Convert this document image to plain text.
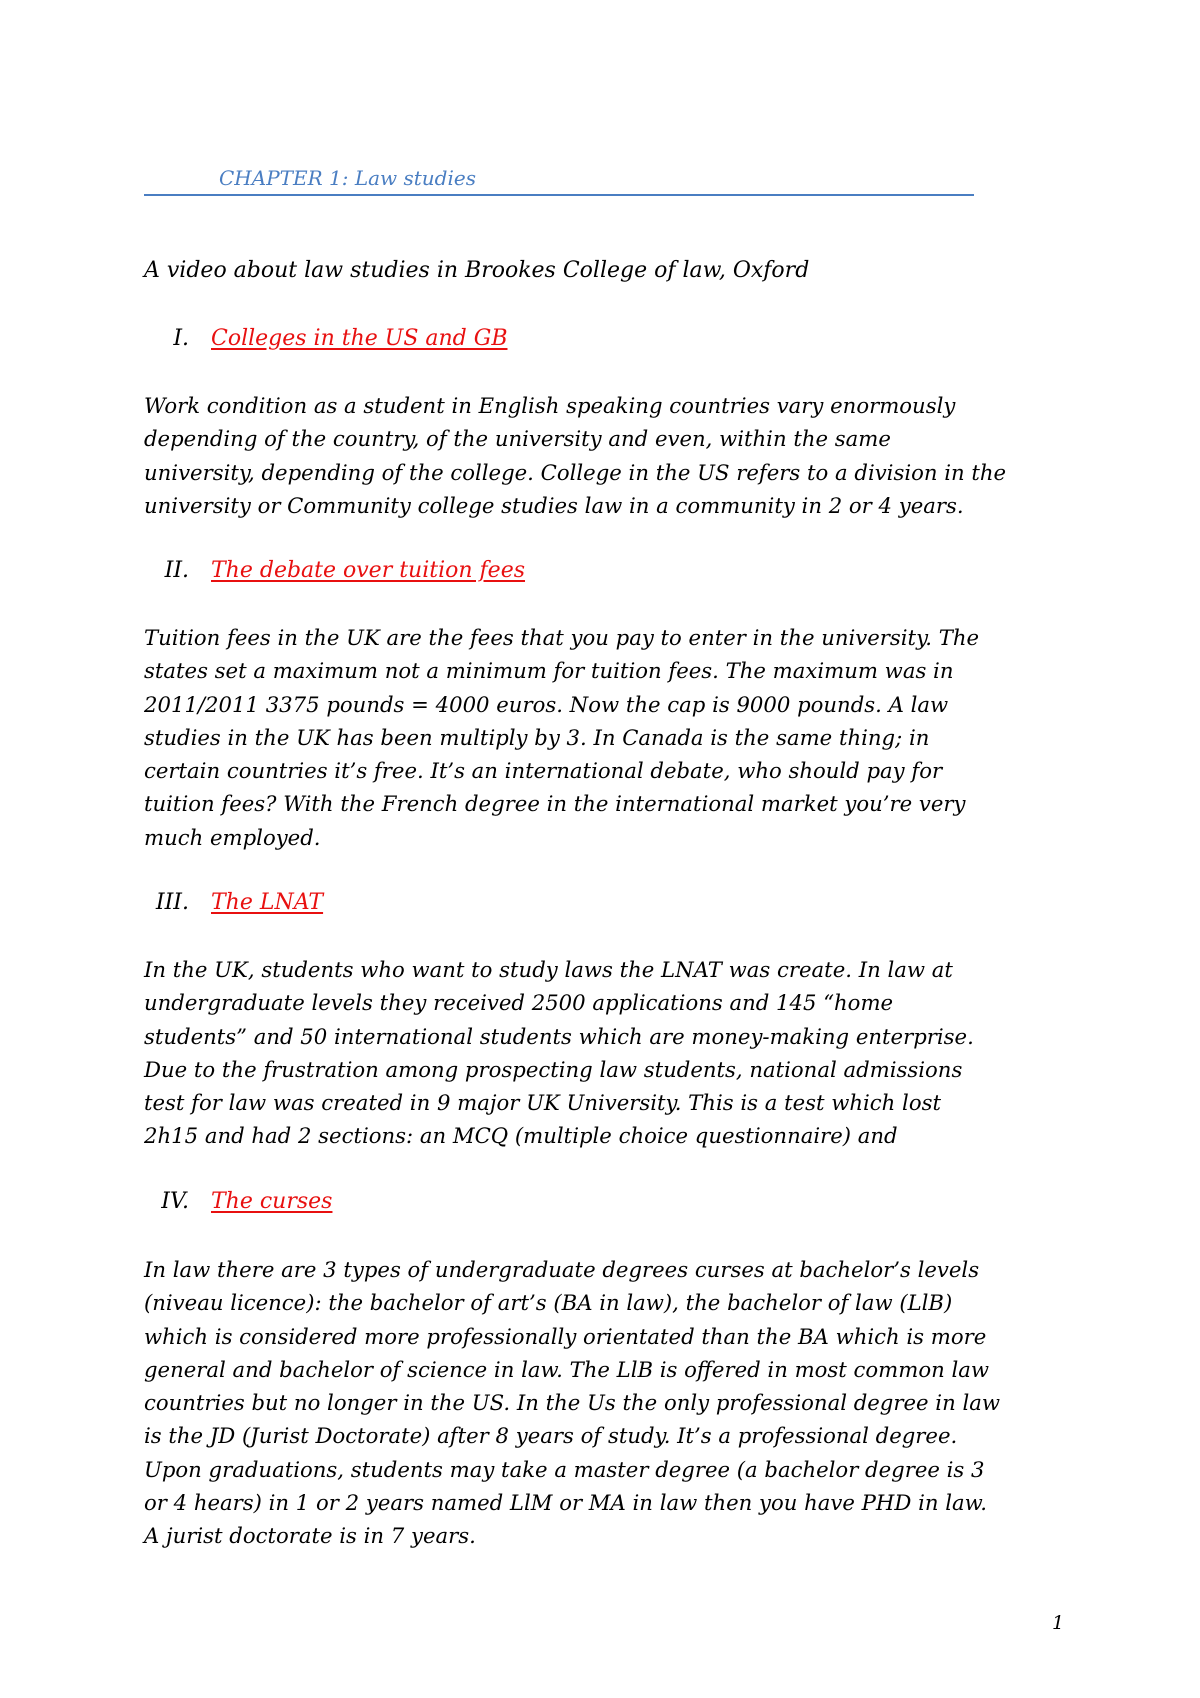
CHAPTER 1: Law studies
A video about law studies in Brookes College of law, Oxford
I. Colleges in the US and GB
Work condition as a student in English speaking countries vary enormously depending of the country, of the university and even, within the same university, depending of the college. College in the US refers to a division in the university or Community college studies law in a community in 2 or 4 years.
II. The debate over tuition fees
Tuition fees in the UK are the fees that you pay to enter in the university. The states set a maximum not a minimum for tuition fees. The maximum was in 2011/2011 3375 pounds = 4000 euros. Now the cap is 9000 pounds. A law studies in the UK has been multiply by 3. In Canada is the same thing; in certain countries it’s free. It’s an international debate, who should pay for tuition fees? With the French degree in the international market you’re very much employed.
III. The LNAT
In the UK, students who want to study laws the LNAT was create. In law at undergraduate levels they received 2500 applications and 145 “home students” and 50 international students which are money-making enterprise. Due to the frustration among prospecting law students, national admissions test for law was created in 9 major UK University. This is a test which lost 2h15 and had 2 sections: an MCQ (multiple choice questionnaire) and
IV. The curses
In law there are 3 types of undergraduate degrees curses at bachelor’s levels (niveau licence): the bachelor of art’s (BA in law), the bachelor of law (LlB) which is considered more professionally orientated than the BA which is more general and bachelor of science in law. The LlB is offered in most common law countries but no longer in the US. In the Us the only professional degree in law is the JD (Jurist Doctorate) after 8 years of study. It’s a professional degree. Upon graduations, students may take a master degree (a bachelor degree is 3 or 4 hears) in 1 or 2 years named LlM or MA in law then you have PHD in law. A jurist doctorate is in 7 years.
1
